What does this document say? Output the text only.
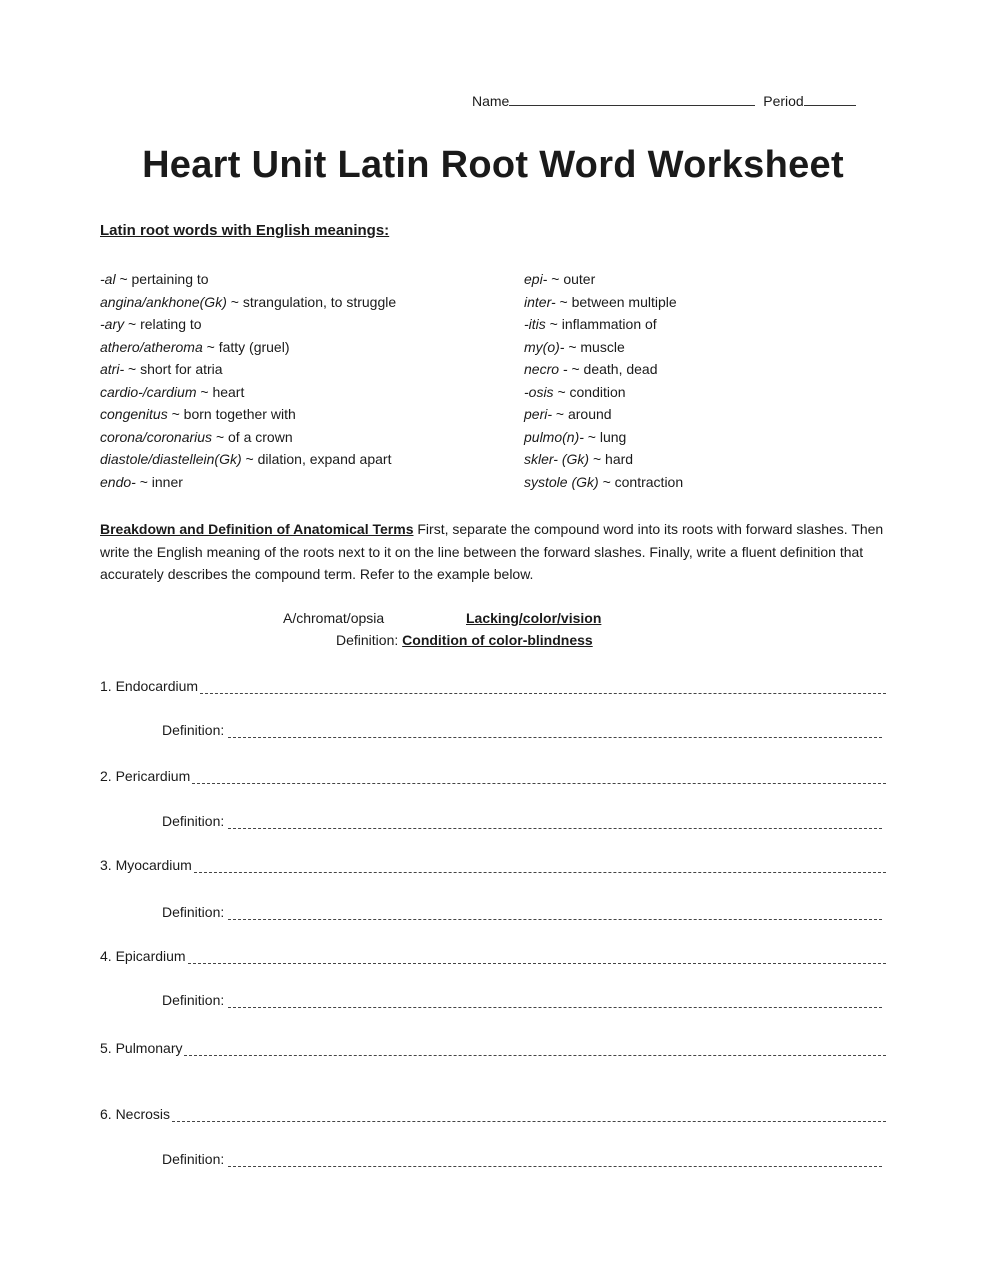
Name	Period
Heart Unit Latin Root Word Worksheet

Latin root words with English meanings:

-al ~ pertaining to
angina/ankhone(Gk) ~ strangulation, to struggle
-ary ~ relating to
athero/atheroma ~ fatty (gruel)
atri- ~ short for atria
cardio-/cardium ~ heart
congenitus ~ born together with
corona/coronarius ~ of a crown
diastole/diastellein(Gk) ~ dilation, expand apart
endo- ~ inner
epi- ~ outer
inter- ~ between multiple
-itis ~ inflammation of
my(o)- ~ muscle
necro - ~ death, dead
-osis ~ condition
peri- ~ around
pulmo(n)- ~ lung
skler- (Gk) ~ hard
systole (Gk) ~ contraction

Breakdown and Definition of Anatomical Terms First, separate the compound word into its roots with forward slashes. Then write the English meaning of the roots next to it on the line between the forward slashes. Finally, write a fluent definition that accurately describes the compound term. Refer to the example below.

A/chromat/opsia	Lacking/color/vision
Definition: Condition of color-blindness
1. Endocardium
Definition:
2. Pericardium
Definition:
3. Myocardium
Definition:
4. Epicardium
Definition:
5. Pulmonary
6. Necrosis
Definition:
